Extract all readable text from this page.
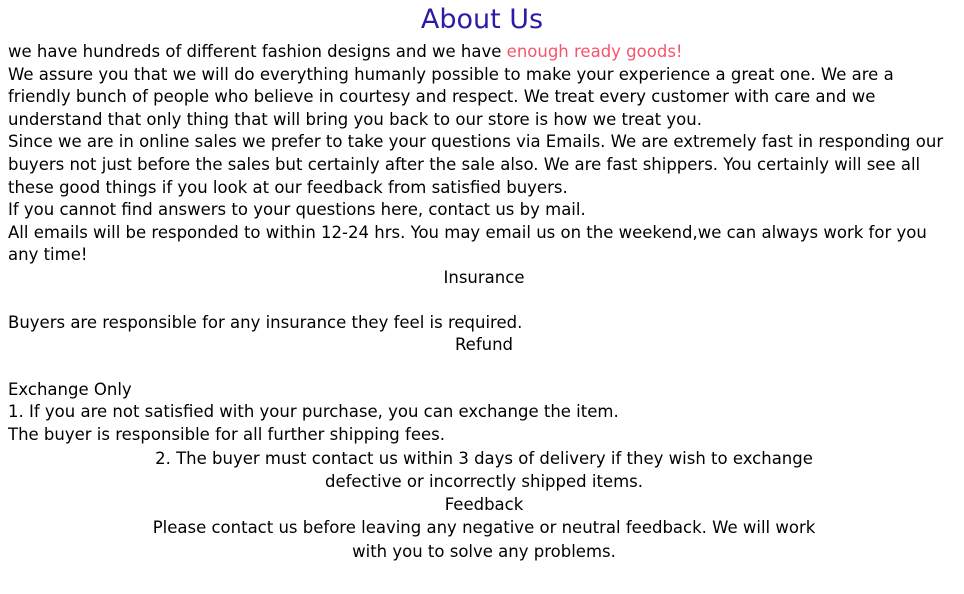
About Us

we have hundreds of different fashion designs and we have enough ready goods!

We assure you that we will do everything humanly possible to make your experience a great one. We are a friendly bunch of people who believe in courtesy and respect. We treat every customer with care and we understand that only thing that will bring you back to our store is how we treat you.

Since we are in online sales we prefer to take your questions via Emails. We are extremely fast in responding our buyers not just before the sales but certainly after the sale also. We are fast shippers. You certainly will see all these good things if you look at our feedback from satisfied buyers.

If you cannot find answers to your questions here, contact us by mail.

All emails will be responded to within 12-24 hrs. You may email us on the weekend,we can always work for you any time!

Insurance

Buyers are responsible for any insurance they feel is required.

Refund

Exchange Only

1. If you are not satisfied with your purchase, you can exchange the item.

The buyer is responsible for all further shipping fees.

2. The buyer must contact us within 3 days of delivery if they wish to exchange defective or incorrectly shipped items.

Feedback

Please contact us before leaving any negative or neutral feedback. We will work with you to solve any problems.
